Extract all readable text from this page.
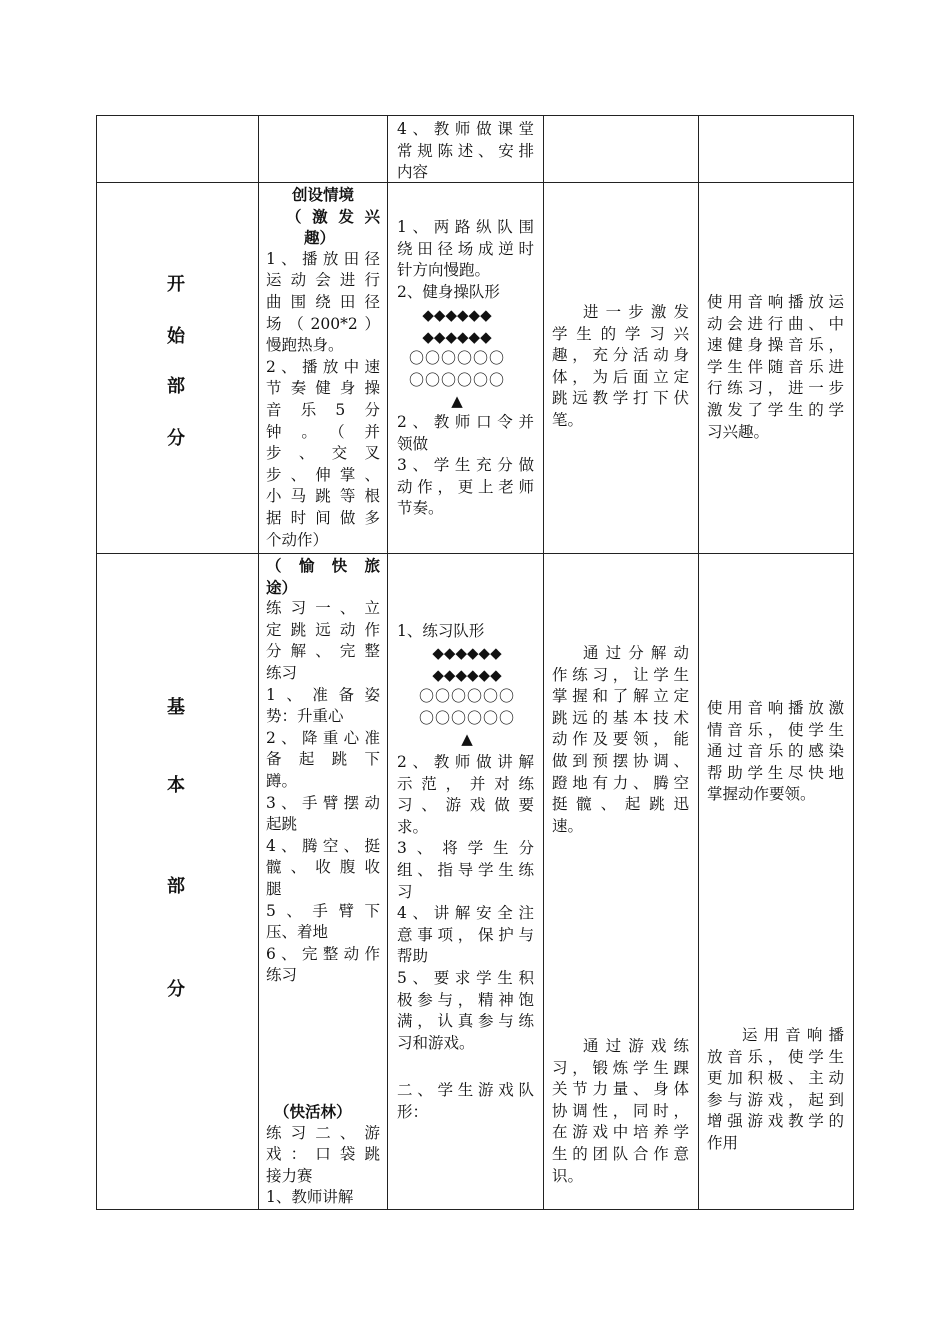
4、教师做课堂

常规陈述、安排

内容

开
始
部
分

创设情境

（激发兴

趣）

1、播放田径

运动会进行

曲围绕田径

场（200*2）

慢跑热身。

2、播放中速

节奏健身操

音乐5分

钟。（并

步、交叉

步、伸掌、

小马跳等根

据时间做多

个动作）

1、两路纵队围

绕田径场成逆时

针方向慢跑。

2、健身操队形

◆◆◆◆◆◆
◆◆◆◆◆◆
〇〇〇〇〇〇
〇〇〇〇〇〇
▲

2、教师口令并

领做

3、学生充分做

动作，更上老师

节奏。

进一步激发

学生的学习兴

趣，充分活动身

体，为后面立定

跳远教学打下伏

笔。

使用音响播放运

动会进行曲、中

速健身操音乐，

学生伴随音乐进

行练习，进一步

激发了学生的学

习兴趣。

基
本
部
分

（愉快旅

途）

练习一、立

定跳远动作

分解、完整

练习

1、准备姿

势：升重心

2、降重心准

备起跳下

蹲。

3、手臂摆动

起跳

4、腾空、挺

髋、收腹收

腿

5、手臂下

压、着地

6、完整动作

练习

（快活林）

练习二、游

戏：口袋跳

接力赛

1、教师讲解

1、练习队形

◆◆◆◆◆◆
◆◆◆◆◆◆
〇〇〇〇〇〇
〇〇〇〇〇〇
▲

2、教师做讲解

示范，并对练

习、游戏做要

求。

3、将学生分

组、指导学生练

习

4、讲解安全注

意事项，保护与

帮助

5、要求学生积

极参与，精神饱

满，认真参与练

习和游戏。

二、学生游戏队

形：

通过分解动

作练习，让学生

掌握和了解立定

跳远的基本技术

动作及要领，能

做到预摆协调、

蹬地有力、腾空

挺髋、起跳迅

速。

通过游戏练

习，锻炼学生踝

关节力量、身体

协调性，同时，

在游戏中培养学

生的团队合作意

识。

使用音响播放激

情音乐，使学生

通过音乐的感染

帮助学生尽快地

掌握动作要领。

运用音响播

放音乐，使学生

更加积极、主动

参与游戏，起到

增强游戏教学的

作用
